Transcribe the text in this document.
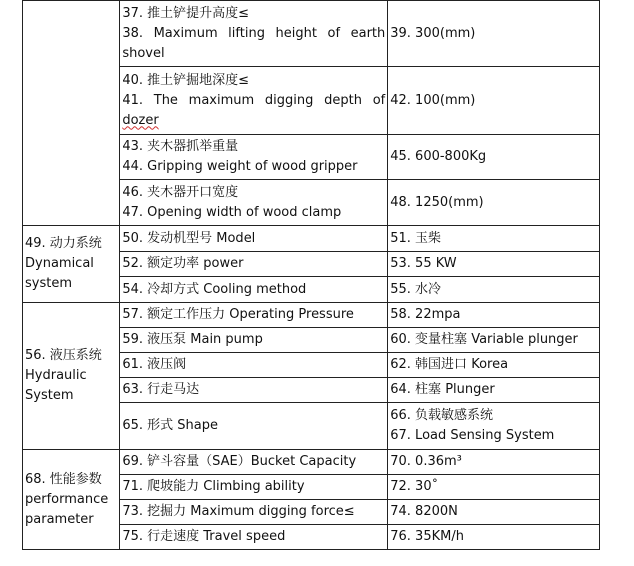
	37. 推土铲提升高度≤
38. Maximum lifting height of earth
shovel	39. 300(mm)

	40. 推土铲掘地深度≤
41. The maximum digging depth of
dozer	42. 100(mm)

	43. 夹木器抓举重量
44. Gripping weight of wood gripper	45. 600-800Kg

	46. 夹木器开口宽度
47. Opening width of wood clamp	48. 1250(mm)

49. 动力系统
Dynamical
system	50. 发动机型号 Model	51. 玉柴

	52. 额定功率 power	53. 55 KW

	54. 冷却方式 Cooling method	55. 水冷

56. 液压系统
Hydraulic
System	57. 额定工作压力 Operating Pressure	58. 22mpa

	59. 液压泵 Main pump	60. 变量柱塞 Variable plunger

	61. 液压阀	62. 韩国进口 Korea

	63. 行走马达	64. 柱塞 Plunger

	65. 形式 Shape	66. 负载敏感系统
67. Load Sensing System

68. 性能参数
performance
parameter	69. 铲斗容量（SAE）Bucket Capacity	70. 0.36m³

	71. 爬坡能力 Climbing ability	72. 30˚

	73. 挖掘力 Maximum digging force≤	74. 8200N

	75. 行走速度 Travel speed	76. 35KM/h
